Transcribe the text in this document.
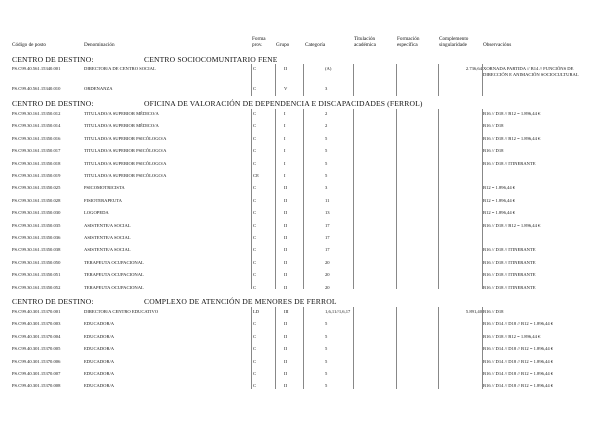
Código de posto	Denominación
Forma
prov.	Grupo	Categoría
Titulación
académica
Formación
específica
Complemento
singularidade	Observacións
CENTRO DE DESTINO:	CENTRO SOCIOCOMUNITARIO FENE
PS.C99.40.561.15340.001	DIRECTOR/A DE CENTRO SOCIAL	C	II	(A)	2.736,64 XORNADA PARTIDA // B14 // FUNCIÓNS DE
DIRECCIÓN E ANIMACIÓN SOCIOCULTURAL
PS.C99.40.561.15340.010	ORDENANZA	C	V	3
CENTRO DE DESTINO:	OFICINA DE VALORACIÓN DE DEPENDENCIA E DISCAPACIDADES (FERROL)
PS.C99.30.161.15350.012	TITULADO/A SUPERIOR MÉDICO/A	C	I	2	B16 // D18 // B12 = 1.896,44 €
PS.C99.30.161.15350.014	TITULADO/A SUPERIOR MÉDICO/A	C	I	2	B16 // D18
PS.C99.30.161.15350.016	TITULADO/A SUPERIOR PSICÓLOGO/A	C	I	5	B16 // D18 // B12 = 1.896,44 €
PS.C99.30.161.15350.017	TITULADO/A SUPERIOR PSICÓLOGO/A	C	I	5	B16 // D18
PS.C99.30.161.15350.018	TITULADO/A SUPERIOR PSICÓLOGO/A	C	I	5	B16 // D18 // ITINERANTE
PS.C99.30.161.15350.019	TITULADO/A SUPERIOR PSICÓLOGO/A	CE	I	5
PS.C99.30.161.15350.025	PSICOMOTRICISTA	C	II	3	B12 = 1.896,44 €
PS.C99.30.161.15350.028	FISIOTERAPEUTA	C	II	11	B12 = 1.896,44 €
PS.C99.30.161.15350.030	LOGOPEDA	C	II	13	B12 = 1.896,44 €
PS.C99.30.161.15350.035	ASISTENTE/A SOCIAL	C	II	17	B16 // D18 // B12 = 1.896,44 €
PS.C99.30.161.15350.036	ASISTENTE/A SOCIAL	C	II	17
PS.C99.30.161.15350.038	ASISTENTE/A SOCIAL	C	II	17	B16 // D18 // ITINERANTE
PS.C99.30.161.15350.050	TERAPEUTA OCUPACIONAL	C	II	20	B16 // D18 // ITINERANTE
PS.C99.30.161.15350.051	TERAPEUTA OCUPACIONAL	C	II	20	B16 // D18 // ITINERANTE
PS.C99.30.161.15350.052	TERAPEUTA OCUPACIONAL	C	II	20	B16 // D18 // ITINERANTE
CENTRO DE DESTINO:	COMPLEXO DE ATENCIÓN DE MENORES DE FERROL
PS.C99.40.301.15370.001	DIRECTOR/A CENTRO EDUCATIVO	LD	III	1,6,11//1,6,17	5.891,40 B16 // D18
PS.C99.40.301.15370.003	EDUCADOR/A	C	II	5	B16 // D14 // D18 // B12 = 1.896,44 €
PS.C99.40.301.15370.004	EDUCADOR/A	C	II	5	B16 // D18 // B12 = 1.896,44 €
PS.C99.40.301.15370.005	EDUCADOR/A	C	II	5	B16 // D14 // D18 // B12 = 1.896,44 €
PS.C99.40.301.15370.006	EDUCADOR/A	C	II	5	B16 // D14 // D18 // B12 = 1.896,44 €
PS.C99.40.301.15370.007	EDUCADOR/A	C	II	5	B16 // D14 // D18 // B12 = 1.896,44 €
PS.C99.40.301.15370.008	EDUCADOR/A	C	II	5	B16 // D14 // D18 // B12 = 1.896,44 €
